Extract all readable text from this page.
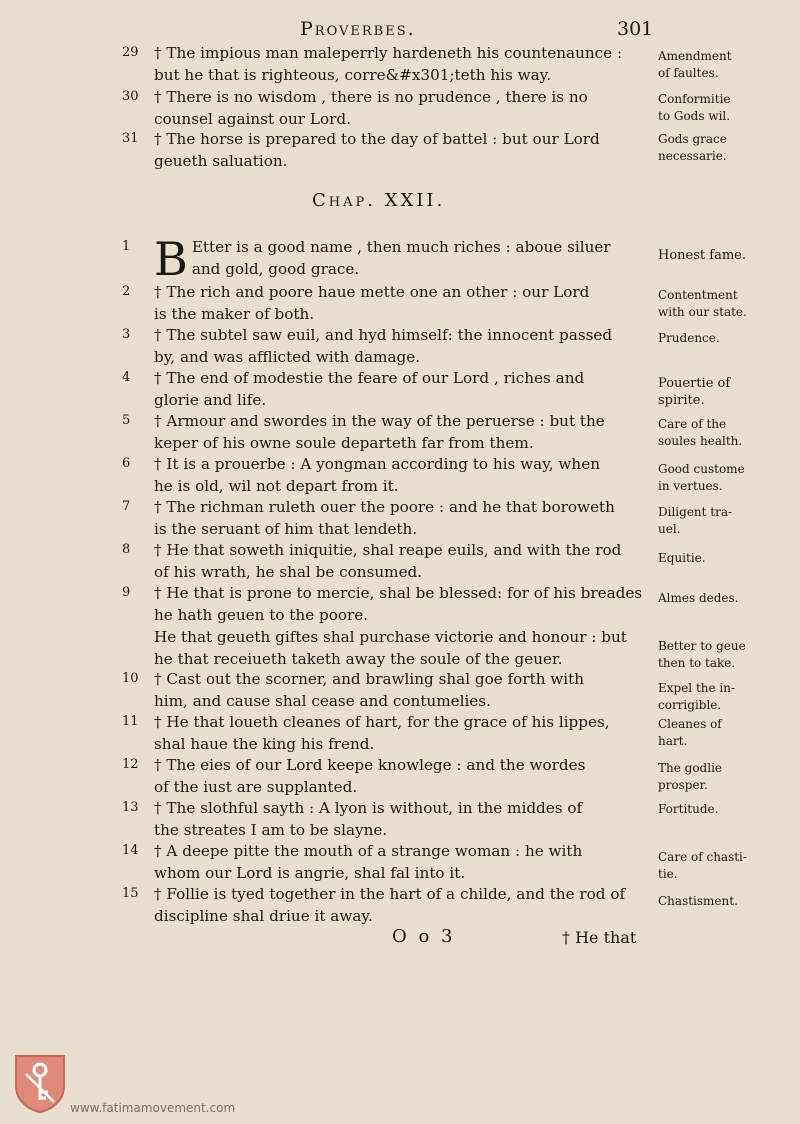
Proverbes.	301
29	† The impious man maleperrly hardeneth his countenaunce :
but he that is righteous, corre&#x301;teth his way.
30	† There is no wisdom , there is no prudence , there is no
counsel against our Lord.
31	† The horse is prepared to the day of battel : but our Lord
geueth saluation.
Amendment
of faultes.
Conformitie
to Gods wil.
Gods grace
necessarie.
Chap. XXII.
1 B Etter is a good name , then much riches : aboue siluer
and gold, good grace.
2	† The rich and poore haue mette one an other : our Lord
is the maker of both.
3	† The subtel saw euil, and hyd himself: the innocent passed
by, and was afflicted with damage.
4	† The end of modestie the feare of our Lord , riches and
glorie and life.
5	† Armour and swordes in the way of the peruerse : but the
keper of his owne soule departeth far from them.
6	† It is a prouerbe : A yongman according to his way, when
he is old, wil not depart from it.
7	† The richman ruleth ouer the poore : and he that boroweth
is the seruant of him that lendeth.
8	† He that soweth iniquitie, shal reape euils, and with the rod
of his wrath, he shal be consumed.
9	† He that is prone to mercie, shal be blessed: for of his breades
he hath geuen to the poore.
He that geueth giftes shal purchase victorie and honour : but
he that receiueth taketh away the soule of the geuer.
10	† Cast out the scorner, and brawling shal goe forth with
him, and cause shal cease and contumelies.
11	† He that loueth cleanes of hart, for the grace of his lippes,
shal haue the king his frend.
12	† The eies of our Lord keepe knowlege : and the wordes
of the iust are supplanted.
13	† The slothful sayth : A lyon is without, in the middes of
the streates I am to be slayne.
14	† A deepe pitte the mouth of a strange woman : he with
whom our Lord is angrie, shal fal into it.
15	† Follie is tyed together in the hart of a childe, and the rod of
discipline shal driue it away.
Honest fame.
Contentment
with our state.
Prudence.
Pouertie of
spirite.
Care of the
soules health.
Good custome
in vertues.
Diligent tra-
uel.
Equitie.
Almes dedes.
Better to geue
then to take.
Expel the in-
corrigible.
Cleanes of
hart.
The godlie
prosper.
Fortitude.
Care of chasti-
tie.
Chastisment.
O o 3	† He that
www.fatimamovement.com
